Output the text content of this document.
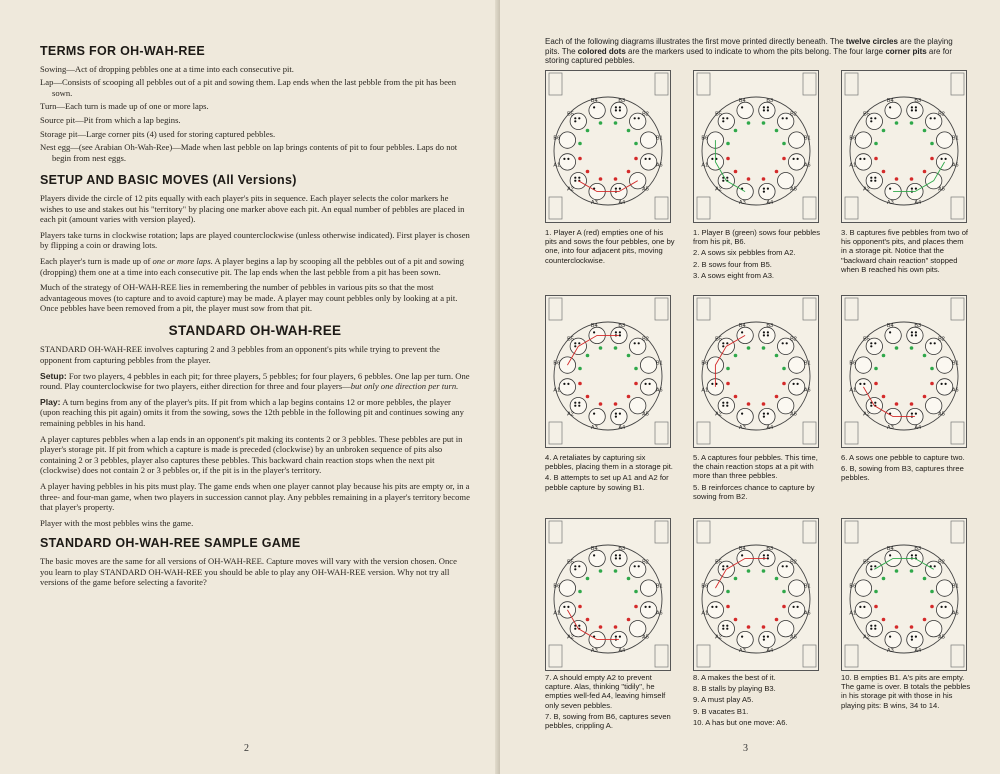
TERMS FOR OH-WAH-REE
Sowing—Act of dropping pebbles one at a time into each consecutive pit.
Lap—Consists of scooping all pebbles out of a pit and sowing them. Lap ends when the last pebble from the pit has been sown.
Turn—Each turn is made up of one or more laps.
Source pit—Pit from which a lap begins.
Storage pit—Large corner pits (4) used for storing captured pebbles.
Nest egg—(see Arabian Oh-Wah-Ree)—Made when last pebble on lap brings contents of pit to four pebbles. Laps do not begin from nest eggs.
SETUP AND BASIC MOVES (All Versions)

Players divide the circle of 12 pits equally with each player's pits in sequence. Each player selects the color markers he wishes to use and stakes out his "territory" by placing one marker above each pit. An equal number of pebbles are placed in each pit (amount varies with version played).

Players take turns in clockwise rotation; laps are played counterclockwise (unless otherwise indicated). First player is chosen by flipping a coin or drawing lots.

Each player's turn is made up of one or more laps. A player begins a lap by scooping all the pebbles out of a pit and sowing (dropping) them one at a time into each consecutive pit. The lap ends when the last pebble from a pit has been sown.

Much of the strategy of OH-WAH-REE lies in remembering the number of pebbles in various pits so that the most advantageous moves (to capture and to avoid capture) may be made. A player may count pebbles only by looking at a pit. Once pebbles have been removed from a pit, the player must sow from that pit.

STANDARD OH-WAH-REE

STANDARD OH-WAH-REE involves capturing 2 and 3 pebbles from an opponent's pits while trying to prevent the opponent from capturing pebbles from the player.

Setup: For two players, 4 pebbles in each pit; for three players, 5 pebbles; for four players, 6 pebbles. One lap per turn. One round. Play counterclockwise for two players, either direction for three and four players—but only one direction per turn.

Play: A turn begins from any of the player's pits. If pit from which a lap begins contains 12 or more pebbles, the player (upon reaching this pit again) omits it from the sowing, sows the 12th pebble in the following pit and continues sowing any remaining pebbles in his hand.

A player captures pebbles when a lap ends in an opponent's pit making its contents 2 or 3 pebbles. These pebbles are put in player's storage pit. If pit from which a capture is made is preceded (clockwise) by an unbroken sequence of pits also containing 2 or 3 pebbles, player also captures these pebbles. This backward chain reaction stops when the next pit (clockwise) does not contain 2 or 3 pebbles or, if the pit is in the player's territory.

A player having pebbles in his pits must play. The game ends when one player cannot play because his pits are empty or, in a three- and four-man game, when two players in succession cannot play. Any pebbles remaining in a player's territory become that player's property.

Player with the most pebbles wins the game.

STANDARD OH-WAH-REE SAMPLE GAME

The basic moves are the same for all versions of OH-WAH-REE. Capture moves will vary with the version chosen. Once you learn to play STANDARD OH-WAH-REE you should be able to play any OH-WAH-REE version. Why not try all versions of the game before selecting a favorite?

2
Each of the following diagrams illustrates the first move printed directly beneath. The twelve circles are the playing pits. The colored dots are the markers used to indicate to whom the pits belong. The four large corner pits are for storing captured pebbles.
B1
B2
B3
B4
B5
B6
A1
A2
A3	A4
A5
A6
B1
B2
B3
B4
B5
B6
A1
A2
A3	A4
A5
A6
B1
B2
B3
B4
B5
B6
A1
A2
A3	A4
A5
A6
B1
B2
B3
B4
B5
B6
A1
A2
A3	A4
A5
A6
B1
B2
B3
B4
B5
B6
A1
A2
A3	A4
A5
A6
B1
B2
B3
B4
B5
B6
A1
A2
A3	A4
A5
A6
B1
B2
B3
B4
B5
B6
A1
A2
A3	A4
A5
A6
B1
B2
B3
B4
B5
B6
A1
A2
A3	A4
A5
A6
B1
B2
B3
B4
B5
B6
A1
A2
A3	A4
A5
A6
1. Player A (red) empties one of his pits and sows the four pebbles, one by one, into four adjacent pits, moving counterclockwise.
1. Player B (green) sows four pebbles from his pit, B6.
2. A sows six pebbles from A2.
2. B sows four from B5.
3. A sows eight from A3.
3. B captures five pebbles from two of his opponent's pits, and places them in a storage pit. Notice that the "backward chain reaction" stopped when B reached his own pits.
4. A retaliates by capturing six pebbles, placing them in a storage pit.
4. B attempts to set up A1 and A2 for pebble capture by sowing B1.
5. A captures four pebbles. This time, the chain reaction stops at a pit with more than three pebbles.
5. B reinforces chance to capture by sowing from B2.
6. A sows one pebble to capture two.
6. B, sowing from B3, captures three pebbles.
7. A should empty A2 to prevent capture. Alas, thinking "tidily", he empties well-fed A4, leaving himself only seven pebbles.
7. B, sowing from B6, captures seven pebbles, crippling A.
8. A makes the best of it.
8. B stalls by playing B3.
9. A must play A5.
9. B vacates B1.
10. A has but one move: A6.
10. B empties B1. A's pits are empty. The game is over. B totals the pebbles in his storage pit with those in his playing pits: B wins, 34 to 14.
3
